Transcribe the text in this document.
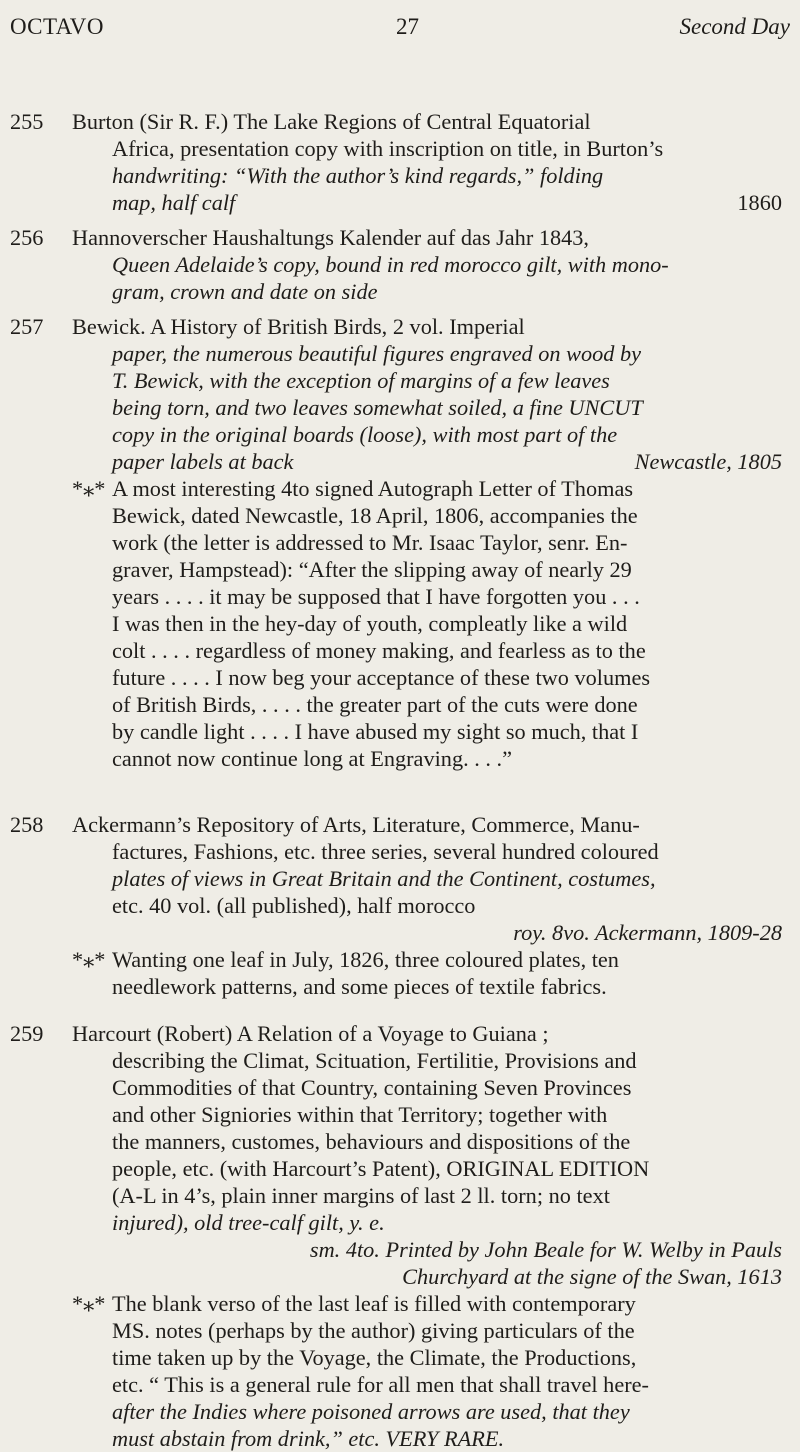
OCTAVO	27	Second Day
255 Burton (Sir R. F.) The Lake Regions of Central Equatorial
Africa, presentation copy with inscription on title, in Burton’s
handwriting: “With the author’s kind regards,” folding
map, half calf	1860
256 Hannoverscher Haushaltungs Kalender auf das Jahr 1843,
Queen Adelaide’s copy, bound in red morocco gilt, with mono-
gram, crown and date on side
257 Bewick. A History of British Birds, 2 vol. Imperial
paper, the numerous beautiful figures engraved on wood by
T. Bewick, with the exception of margins of a few leaves
being torn, and two leaves somewhat soiled, a fine UNCUT
copy in the original boards (loose), with most part of the
paper labels at back	Newcastle, 1805
*⁎* A most interesting 4to signed Autograph Letter of Thomas
Bewick, dated Newcastle, 18 April, 1806, accompanies the
work (the letter is addressed to Mr. Isaac Taylor, senr. En-
graver, Hampstead): “After the slipping away of nearly 29
years . . . . it may be supposed that I have forgotten you . . .
I was then in the hey-day of youth, compleatly like a wild
colt . . . . regardless of money making, and fearless as to the
future . . . . I now beg your acceptance of these two volumes
of British Birds, . . . . the greater part of the cuts were done
by candle light . . . . I have abused my sight so much, that I
cannot now continue long at Engraving. . . .”
258 Ackermann’s Repository of Arts, Literature, Commerce, Manu-
factures, Fashions, etc. three series, several hundred coloured
plates of views in Great Britain and the Continent, costumes,
etc. 40 vol. (all published), half morocco
roy. 8vo. Ackermann, 1809-28
*⁎* Wanting one leaf in July, 1826, three coloured plates, ten
needlework patterns, and some pieces of textile fabrics.
259 Harcourt (Robert) A Relation of a Voyage to Guiana ;
describing the Climat, Scituation, Fertilitie, Provisions and
Commodities of that Country, containing Seven Provinces
and other Signiories within that Territory; together with
the manners, customes, behaviours and dispositions of the
people, etc. (with Harcourt’s Patent), ORIGINAL EDITION
(A-L in 4’s, plain inner margins of last 2 ll. torn; no text
injured), old tree-calf gilt, y. e.
sm. 4to. Printed by John Beale for W. Welby in Pauls
Churchyard at the signe of the Swan, 1613
*⁎* The blank verso of the last leaf is filled with contemporary
MS. notes (perhaps by the author) giving particulars of the
time taken up by the Voyage, the Climate, the Productions,
etc. “ This is a general rule for all men that shall travel here-
after the Indies where poisoned arrows are used, that they
must abstain from drink,” etc. VERY RARE.
